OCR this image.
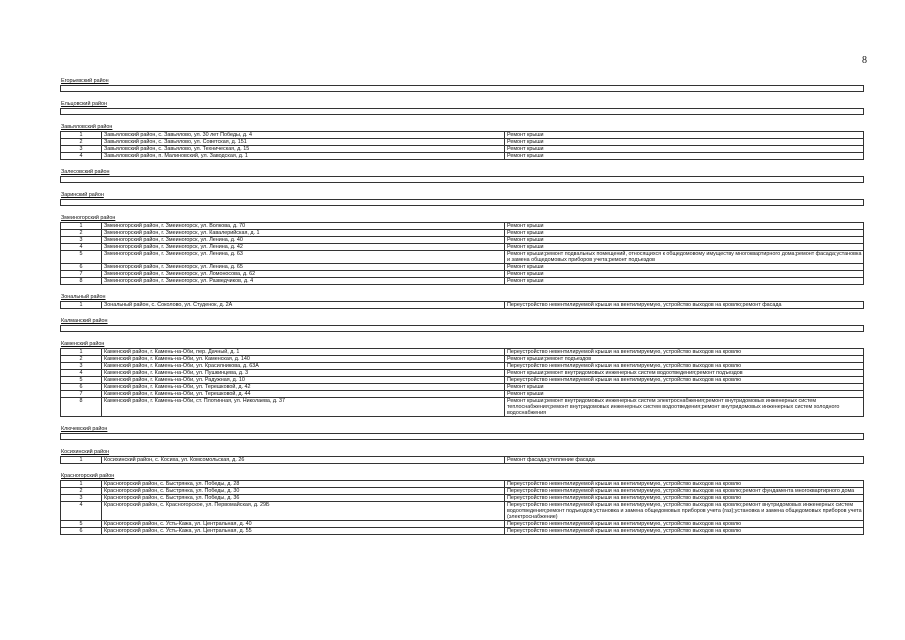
8
Егорьевский район
Ельцовский район
Завьяловский район
1	Завьяловский район, с. Завьялово, ул. 30 лет Победы, д. 4	Ремонт крыши
2	Завьяловский район, с. Завьялово, ул. Советская, д. 151	Ремонт крыши
3	Завьяловский район, с. Завьялово, ул. Техническая, д. 15	Ремонт крыши
4	Завьяловский район, п. Малиновский, ул. Заводская, д. 1	Ремонт крыши
Залесовский район
Заринский район
Змеиногорский район
1	Змеиногорский район, г. Змеиногорск, ул. Волкова, д. 70	Ремонт крыши
2	Змеиногорский район, г. Змеиногорск, ул. Кавалерийская, д. 1	Ремонт крыши
3	Змеиногорский район, г. Змеиногорск, ул. Ленина, д. 40	Ремонт крыши
4	Змеиногорский район, г. Змеиногорск, ул. Ленина, д. 42	Ремонт крыши
5	Змеиногорский район, г. Змеиногорск, ул. Ленина, д. 63	Ремонт крыши;ремонт подвальных помещений, относящихся к общедомовому имуществу многоквартирного дома;ремонт фасада;установка и замена общедомовых приборов учета;ремонт подъездов
6	Змеиногорский район, г. Змеиногорск, ул. Ленина, д. 65	Ремонт крыши
7	Змеиногорский район, г. Змеиногорск, ул. Ломоносова, д. 62	Ремонт крыши
8	Змеиногорский район, г. Змеиногорск, ул. Разведчиков, д. 4	Ремонт крыши
Зональный район
1	Зональный район, с. Соколово, ул. Студенок, д. 2А	Переустройство невентилируемой крыши на вентилируемую, устройство выходов на кровлю;ремонт фасада
Калманский район
Каменский район
1	Каменский район, г. Камень-на-Оби, пер. Дачный, д. 1	Переустройство невентилируемой крыши на вентилируемую, устройство выходов на кровлю
2	Каменский район, г. Камень-на-Оби, ул. Каменская, д. 140	Ремонт крыши;ремонт подъездов
3	Каменский район, г. Камень-на-Оби, ул. Красилникова, д. 63А	Переустройство невентилируемой крыши на вентилируемую, устройство выходов на кровлю
4	Каменский район, г. Камень-на-Оби, ул. Пушкинцева, д. 3	Ремонт крыши;ремонт внутридомовых инженерных систем водоотведения;ремонт подъездов
5	Каменский район, г. Камень-на-Оби, ул. Радужная, д. 10	Переустройство невентилируемой крыши на вентилируемую, устройство выходов на кровлю
6	Каменский район, г. Камень-на-Оби, ул. Терешковой, д. 42	Ремонт крыши
7	Каменский район, г. Камень-на-Оби, ул. Терешковой, д. 44	Ремонт крыши
8	Каменский район, г. Камень-на-Оби, ст. Плотинная, ул. Николаева, д. 37	Ремонт крыши;ремонт внутридомовых инженерных систем электроснабжения;ремонт внутридомовых инженерных систем теплоснабжения;ремонт внутридомовых инженерных систем водоотведения;ремонт внутридомовых инженерных систем холодного водоснабжения
Ключевский район
Косихинский район
1	Косихинский район, с. Косиха, ул. Комсомольская, д. 26	Ремонт фасада;утепление фасада
Красногорский район
1	Красногорский район, с. Быстрянка, ул. Победы, д. 28	Переустройство невентилируемой крыши на вентилируемую, устройство выходов на кровлю
2	Красногорский район, с. Быстрянка, ул. Победы, д. 30	Переустройство невентилируемой крыши на вентилируемую, устройство выходов на кровлю;ремонт фундамента многоквартирного дома
3	Красногорский район, с. Быстрянка, ул. Победы, д. 36	Переустройство невентилируемой крыши на вентилируемую, устройство выходов на кровлю
4	Красногорский район, с. Красногорское, ул. Первомайская, д. 29Б	Переустройство невентилируемой крыши на вентилируемую, устройство выходов на кровлю;ремонт внутридомовых инженерных систем водоотведения;ремонт подъездов;установка и замена общедомовых приборов учета (газ);установка и замена общедомовых приборов учета (электроснабжение)
5	Красногорский район, с. Усть-Кажа, ул. Центральная, д. 40	Переустройство невентилируемой крыши на вентилируемую, устройство выходов на кровлю
6	Красногорский район, с. Усть-Кажа, ул. Центральная, д. 55	Переустройство невентилируемой крыши на вентилируемую, устройство выходов на кровлю
